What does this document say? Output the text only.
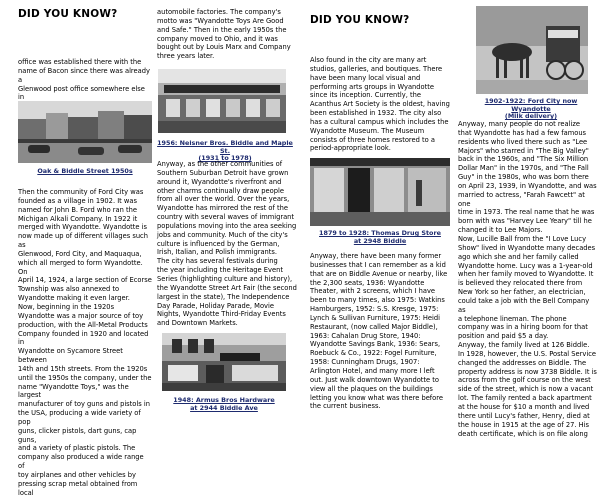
DID YOU KNOW?
office was established there with the
name of Bacon since there was already a
Glenwood post office somewhere else in

Oak & Biddle Street 1950s
Then the community of Ford City was
founded as a village in 1902. It was
named for John B. Ford who ran the
Michigan Alkali Company. In 1922 it
merged with Wyandotte. Wyandotte is
now made up of different villages such as
Glenwood, Ford City, and Maquaqua,
which all merged to form Wyandotte. On
April 14, 1924, a large section of Ecorse
Township was also annexed to
Wyandotte making it even larger.
Now, beginning in the 1920s
Wyandotte was a major source of toy
production, with the All-Metal Products
Company founded in 1920 and located in
Wyandotte on Sycamore Street between
14th and 15th streets. From the 1920s
until the 1950s the company, under the
name "Wyandotte Toys," was the largest
manufacturer of toy guns and pistols in
the USA, producing a wide variety of pop
guns, clicker pistols, dart guns, cap guns,
and a variety of plastic pistols. The
company also produced a wide range of
toy airplanes and other vehicles by
pressing scrap metal obtained from local
automobile factories. The company's
motto was "Wyandotte Toys Are Good
and Safe." Then in the early 1950s the
company moved to Ohio, and it was
bought out by Louis Marx and Company
three years later.
1956: Neisner Bros. Biddle and Maple St.
(1931 to 1978)
Anyway, as the other communities of
Southern Suburban Detroit have grown
around it, Wyandotte's riverfront and
other charms continually draw people
from all over the world. Over the years,
Wyandotte has mirrored the rest of the
country with several waves of immigrant
populations moving into the area seeking
jobs and community. Much of the city's
culture is influenced by the German,
Irish, Italian, and Polish immigrants.
The city has several festivals during
the year including the Heritage Event
Series (highlighting culture and history),
the Wyandotte Street Art Fair (the second
largest in the state), The Independence
Day Parade, Holiday Parade, Movie
Nights, Wyandotte Third-Friday Events
and Downtown Markets.
1948: Armus Bros Hardware
at 2944 Biddle Ave
DID YOU KNOW?
Also found in the city are many art
studios, galleries, and boutiques. There
have been many local visual and
performing arts groups in Wyandotte
since its inception. Currently, the
Acanthus Art Society is the oldest, having
been established in 1932. The city also
has a cultural campus which includes the
Wyandotte Museum. The Museum
consists of three homes restored to a
period-appropriate look.
1879 to 1928: Thomas Drug Store
at 2948 Biddle
Anyway, there have been many former
businesses that I can remember as a kid
that are on Biddle Avenue or nearby, like
the 2,300 seats, 1936: Wyandotte
Theater, with 2 screens, which I have
been to many times, also 1975: Watkins
Hamburgers, 1952: S.S. Kresge, 1975:
Lynch & Sullivan Furniture, 1975: Heidi
Restaurant, (now called Major Biddle),
1963: Cahalan Drug Store, 1940:
Wyandotte Savings Bank, 1936: Sears,
Roebuck & Co., 1922: Fogel Furniture,
1958: Cunningham Drugs, 1907:
Arlington Hotel, and many more I left
out. Just walk downtown Wyandotte to
view all the plaques on the buildings
letting you know what was there before
the current business.
1902-1922: Ford City now Wyandotte
(Milk delivery)
Anyway, many people do not realize
that Wyandotte has had a few famous
residents who lived there such as "Lee
Majors" who starred in "The Big Valley"
back in the 1960s, and "The Six Million
Dollar Man" in the 1970s, and "The Fall
Guy" in the 1980s, who was born there
on April 23, 1939, in Wyandotte, and was
married to actress, "Farah Fawcett" at one
time in 1973. The real name that he was
born with was "Harvey Lee Yeary" till he
changed it to Lee Majors.
Now, Lucille Ball from the "I Love Lucy
Show" lived in Wyandotte many decades
ago which she and her family called
Wyandotte home. Lucy was a 1-year-old
when her family moved to Wyandotte. It
is believed they relocated there from
New York so her father, an electrician,
could take a job with the Bell Company as
a telephone lineman. The phone
company was in a hiring boom for that
position and paid $5 a day.
Anyway, the family lived at 126 Biddle.
In 1928, however, the U.S. Postal Service
changed the addresses on Biddle. The
property address is now 3738 Biddle. It is
across from the golf course on the west
side of the street, which is now a vacant
lot. The family rented a back apartment
at the house for $10 a month and lived
there until Lucy's father, Henry, died at
the house in 1915 at the age of 27. His
death certificate, which is on file along
